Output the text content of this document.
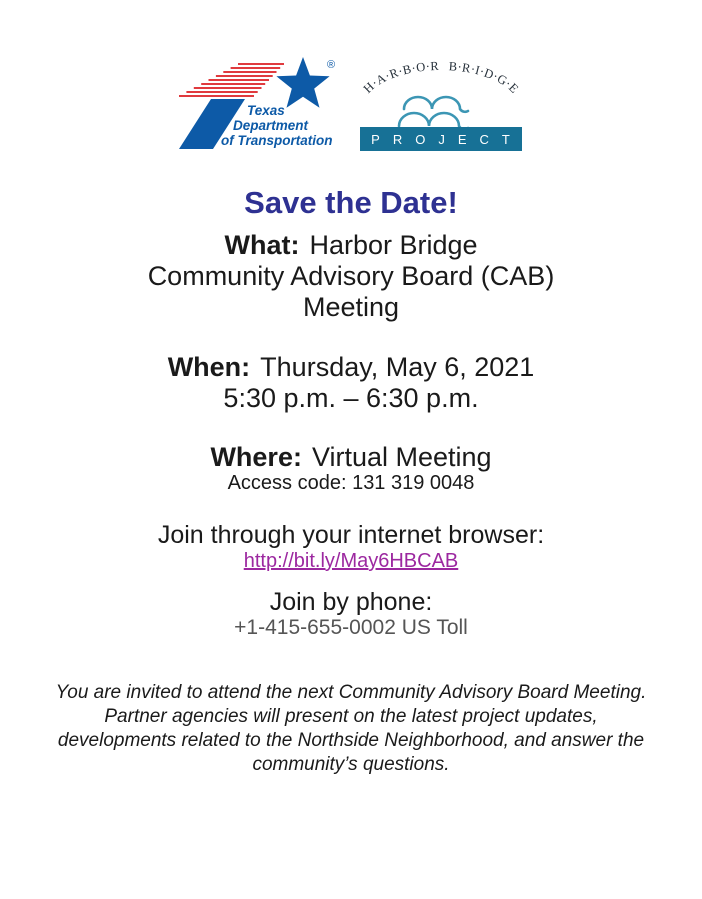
®
Texas
Department
of Transportation
H·A·R·B·O·R B·R·I·D·G·E
PROJECT
Save the Date!
What: Harbor Bridge
Community Advisory Board (CAB)
Meeting
When: Thursday, May 6, 2021
5:30 p.m. – 6:30 p.m.
Where: Virtual Meeting
Access code: 131 319 0048
Join through your internet browser:
http://bit.ly/May6HBCAB
Join by phone:
+1-415-655-0002 US Toll
You are invited to attend the next Community Advisory Board Meeting.
Partner agencies will present on the latest project updates,
developments related to the Northside Neighborhood, and answer the
community’s questions.
